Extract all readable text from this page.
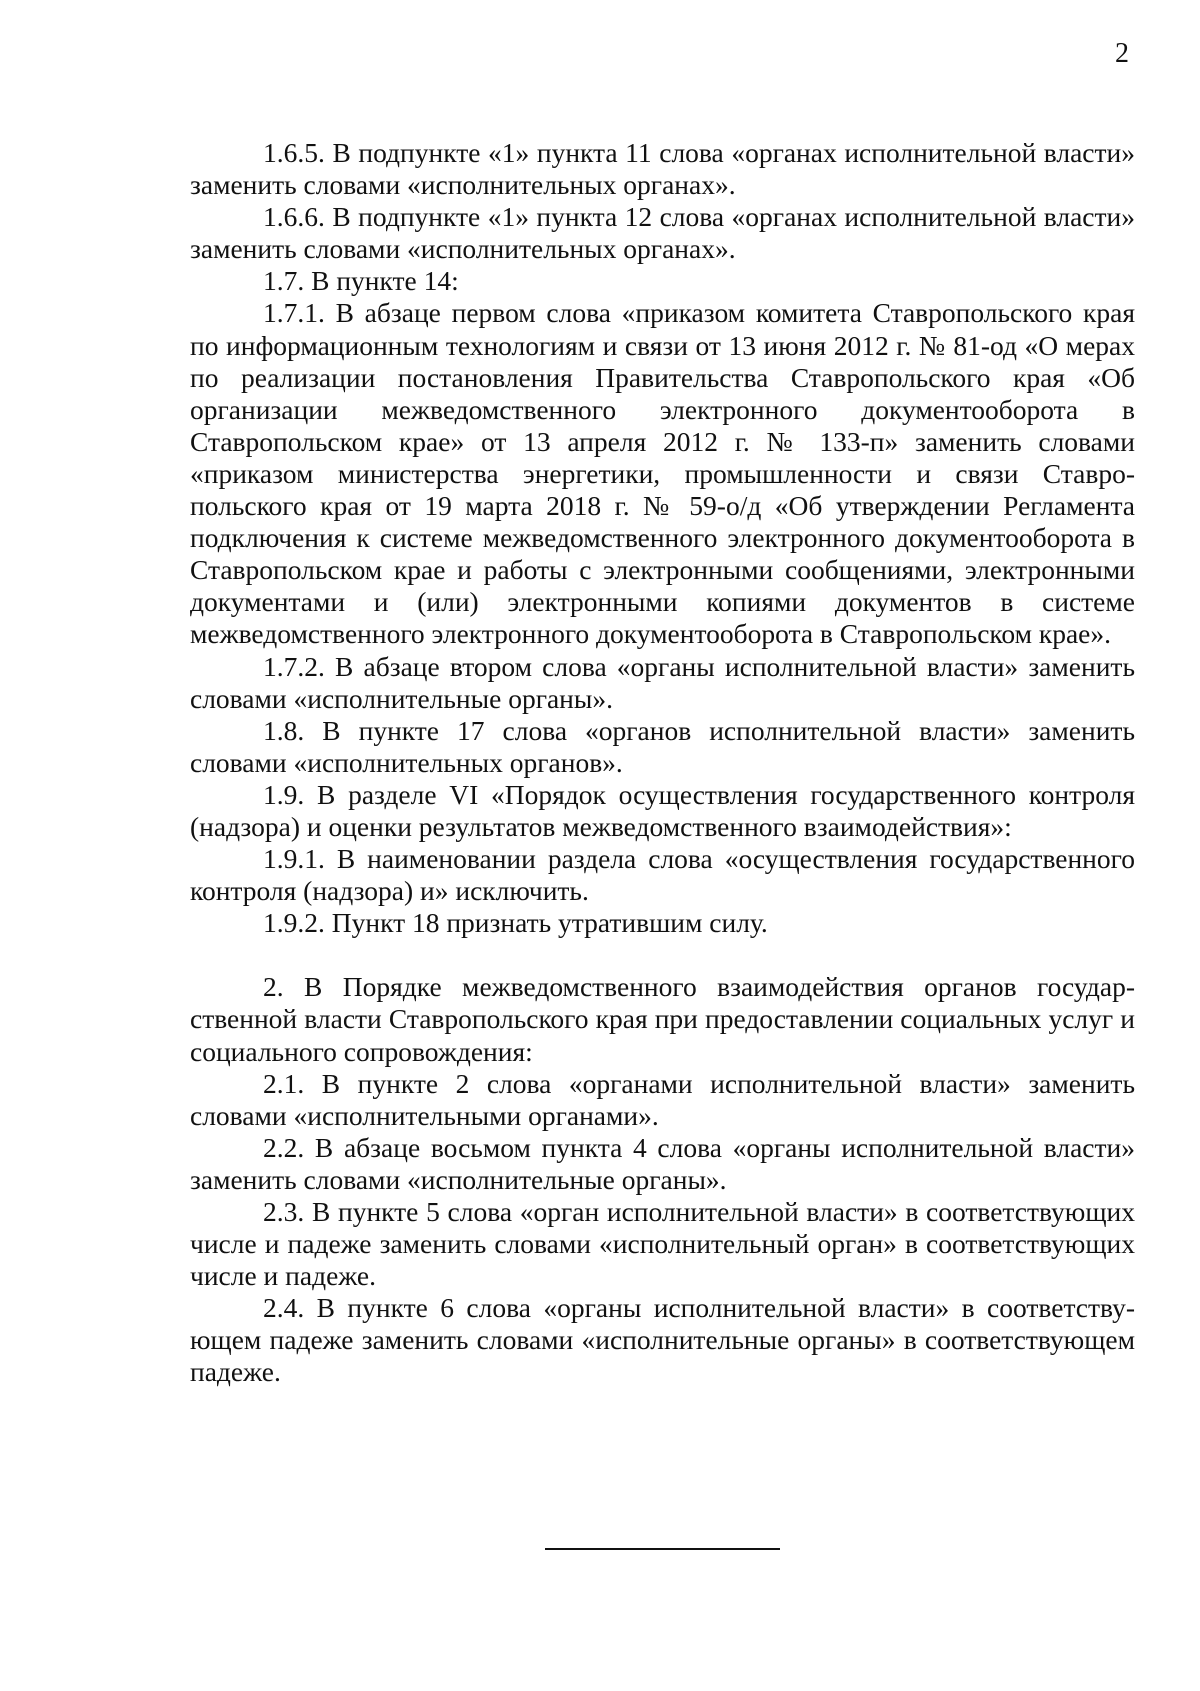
2

1.6.5. В подпункте «1» пункта 11 слова «органах исполнительной власти» заменить словами «исполнительных органах».

1.6.6. В подпункте «1» пункта 12 слова «органах исполнительной власти» заменить словами «исполнительных органах».

1.7. В пункте 14:

1.7.1. В абзаце первом слова «приказом комитета Ставропольского края по информационным технологиям и связи от 13 июня 2012 г. № 81-од «О мерах по реализации постановления Правительства Ставропольского края «Об организации межведомственного электронного документооборота в Ставропольском крае» от 13 апреля 2012 г. № 133-п» заменить словами «приказом министерства энергетики, промышленности и связи Ставропольского края от 19 марта 2018 г. № 59-о/д «Об утверждении Регламента подключения к системе межведомственного электронного документооборота в Ставропольском крае и работы с электронными сообщениями, электронными документами и (или) электронными копиями документов в системе межведомственного электронного документооборота в Ставропольском крае».

1.7.2. В абзаце втором слова «органы исполнительной власти» заменить словами «исполнительные органы».

1.8. В пункте 17 слова «органов исполнительной власти» заменить словами «исполнительных органов».

1.9. В разделе VI «Порядок осуществления государственного контроля (надзора) и оценки результатов межведомственного взаимодействия»:

1.9.1. В наименовании раздела слова «осуществления государственного контроля (надзора) и» исключить.

1.9.2. Пункт 18 признать утратившим силу.

2. В Порядке межведомственного взаимодействия органов государственной власти Ставропольского края при предоставлении социальных услуг и социального сопровождения:

2.1. В пункте 2 слова «органами исполнительной власти» заменить словами «исполнительными органами».

2.2. В абзаце восьмом пункта 4 слова «органы исполнительной власти» заменить словами «исполнительные органы».

2.3. В пункте 5 слова «орган исполнительной власти» в соответствующих числе и падеже заменить словами «исполнительный орган» в соответствующих числе и падеже.

2.4. В пункте 6 слова «органы исполнительной власти» в соответствующем падеже заменить словами «исполнительные органы» в соответствующем падеже.
